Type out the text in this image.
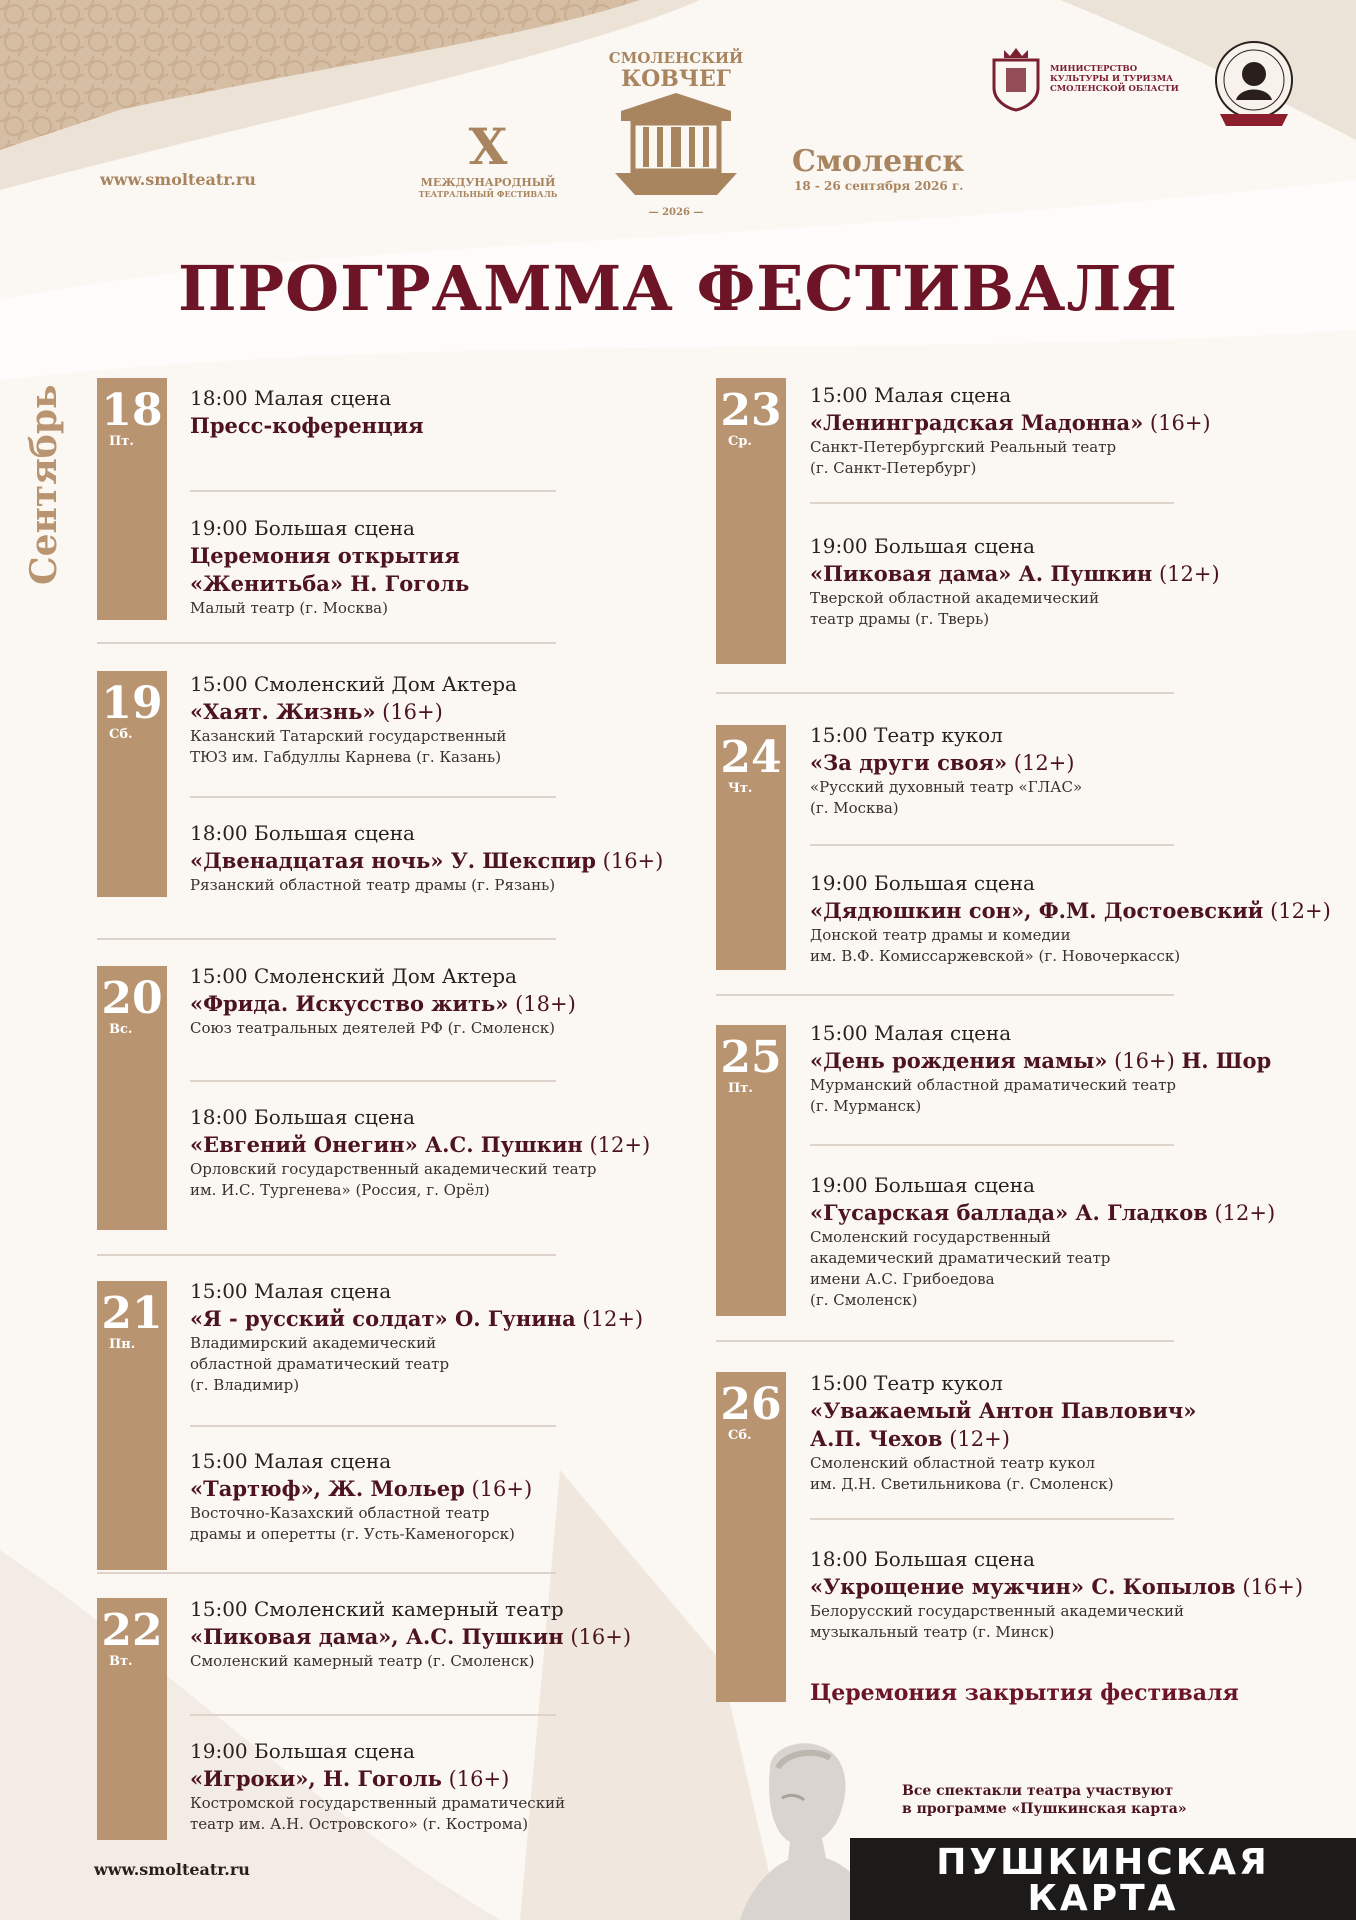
www.smolteatr.ru
X
МЕЖДУНАРОДНЫЙ
ТЕАТРАЛЬНЫЙ ФЕСТИВАЛЬ
СМОЛЕНСКИЙ
КОВЧЕГ
— 2026 —
Смоленск
18 - 26 сентября 2026 г.
МИНИСТЕРСТВО КУЛЬТУРЫ И ТУРИЗМА СМОЛЕНСКОЙ ОБЛАСТИ
ПРОГРАММА ФЕСТИВАЛЯ
Сентябрь 18
Пт.
19
Сб.
20
Вс.
21
Пн.
22
Вт.
23
Ср.
24
Чт.
25
Пт.
26
Сб.
18:00 Малая сцена
Пресс-коференция
19:00 Большая сцена
Церемония открытия
«Женитьба» Н. Гоголь
Малый театр (г. Москва)
15:00 Смоленский Дом Актера
«Хаят. Жизнь» (16+)
Казанский Татарский государственный
ТЮЗ им. Габдуллы Карнева (г. Казань)
18:00 Большая сцена
«Двенадцатая ночь» У. Шекспир (16+)
Рязанский областной театр драмы (г. Рязань)
15:00 Смоленский Дом Актера
«Фрида. Искусство жить» (18+)
Союз театральных деятелей РФ (г. Смоленск)
18:00 Большая сцена
«Евгений Онегин» А.С. Пушкин (12+)
Орловский государственный академический театр
им. И.С. Тургенева» (Россия, г. Орёл)
15:00 Малая сцена
«Я - русский солдат» О. Гунина (12+)
Владимирский академический
областной драматический театр
(г. Владимир)
15:00 Малая сцена
«Тартюф», Ж. Мольер (16+)
Восточно-Казахский областной театр
драмы и оперетты (г. Усть-Каменогорск)
15:00 Смоленский камерный театр
«Пиковая дама», А.С. Пушкин (16+)
Смоленский камерный театр (г. Смоленск)
19:00 Большая сцена
«Игроки», Н. Гоголь (16+)
Костромской государственный драматический
театр им. А.Н. Островского» (г. Кострома)
15:00 Малая сцена
«Ленинградская Мадонна» (16+)
Санкт-Петербургский Реальный театр
(г. Санкт-Петербург)
19:00 Большая сцена
«Пиковая дама» А. Пушкин (12+)
Тверской областной академический
театр драмы (г. Тверь)
15:00 Театр кукол
«За други своя» (12+)
«Русский духовный театр «ГЛАС»
(г. Москва)
19:00 Большая сцена
«Дядюшкин сон», Ф.М. Достоевский (12+)
Донской театр драмы и комедии
им. В.Ф. Комиссаржевской» (г. Новочеркасск)
15:00 Малая сцена
«День рождения мамы» (16+) Н. Шор
Мурманский областной драматический театр
(г. Мурманск)
19:00 Большая сцена
«Гусарская баллада» А. Гладков (12+)
Смоленский государственный
академический драматический театр
имени А.С. Грибоедова
(г. Смоленск)
15:00 Театр кукол
«Уважаемый Антон Павлович»
А.П. Чехов (12+)
Смоленский областной театр кукол
им. Д.Н. Светильникова (г. Смоленск)
18:00 Большая сцена
«Укрощение мужчин» С. Копылов (16+)
Белорусский государственный академический
музыкальный театр (г. Минск)
Церемония закрытия фестиваля
www.smolteatr.ru
Все спектакли театра участвуют
в программе «Пушкинская карта»
ПУШКИНСКАЯ
КАРТА
